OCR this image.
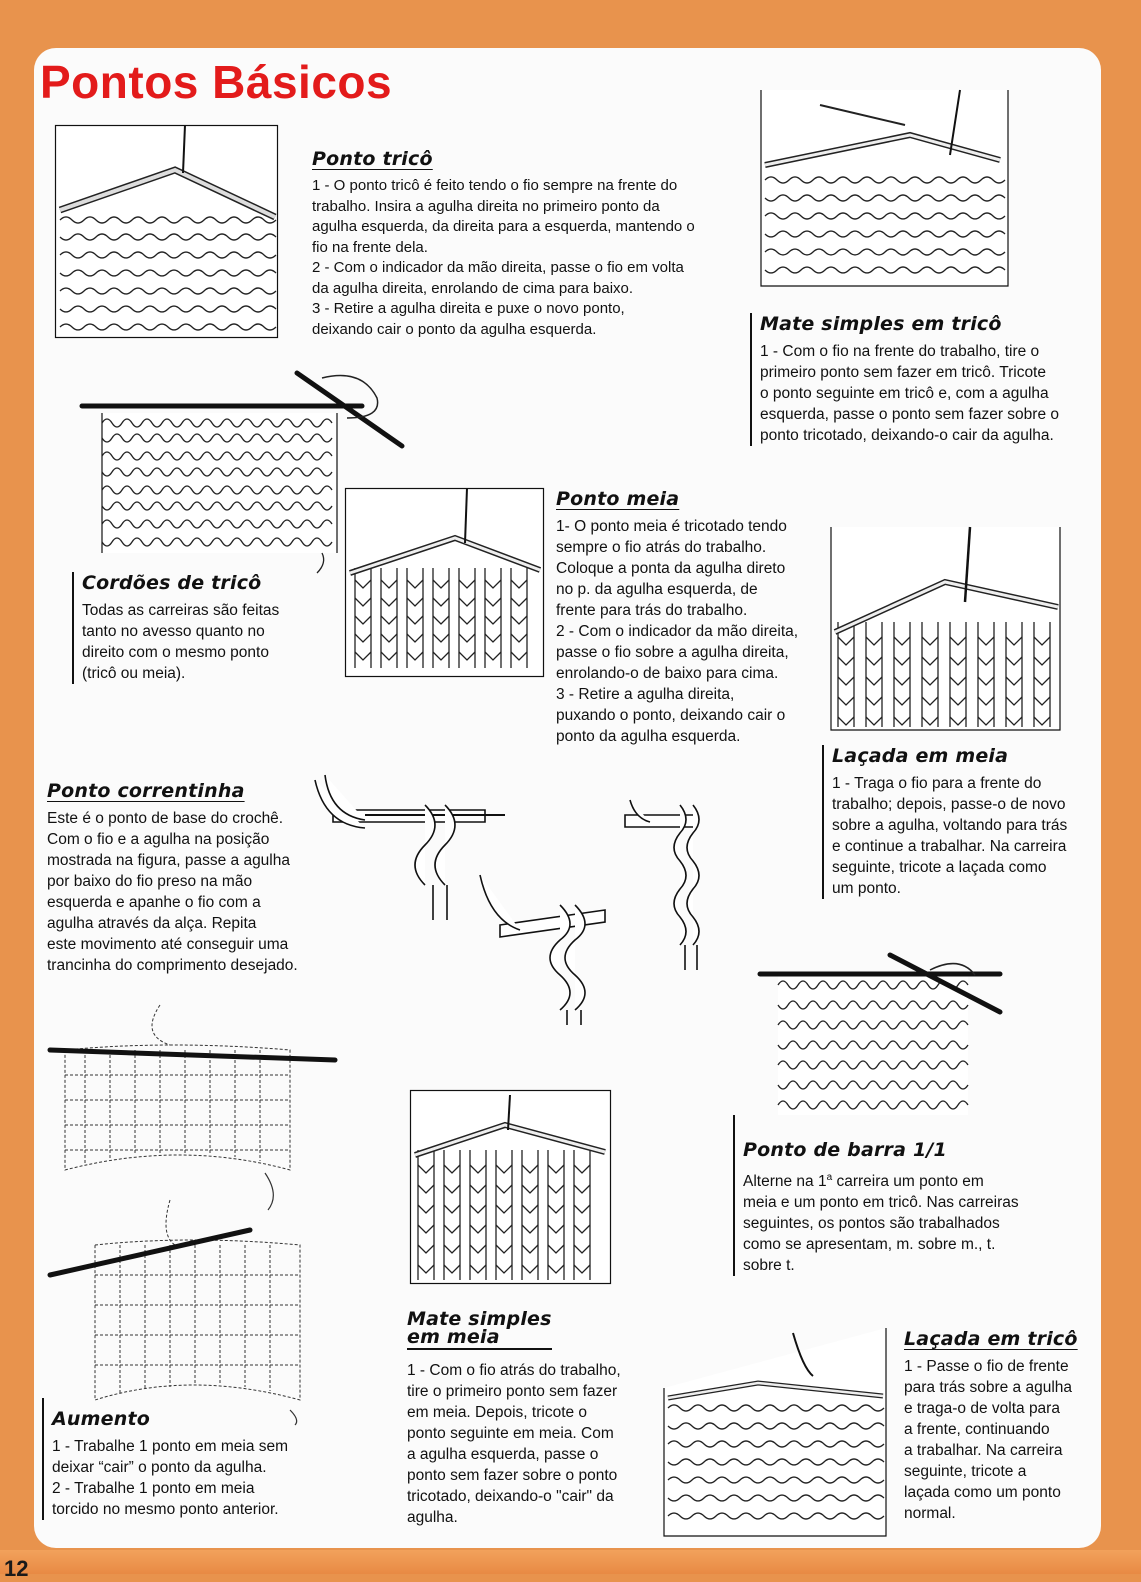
12
Pontos Básicos
Ponto tricô

1 - O ponto tricô é feito tendo o fio sempre na frente do
trabalho. Insira a agulha direita no primeiro ponto da
agulha esquerda, da direita para a esquerda, mantendo o
fio na frente dela.
2 - Com o indicador da mão direita, passe o fio em volta
da agulha direita, enrolando de cima para baixo.
3 - Retire a agulha direita e puxe o novo ponto,
deixando cair o ponto da agulha esquerda.	Mate simples em tricô

1 - Com o fio na frente do trabalho, tire o
primeiro ponto sem fazer em tricô. Tricote
o ponto seguinte em tricô e, com a agulha
esquerda, passe o ponto sem fazer sobre o
ponto tricotado, deixando-o cair da agulha.

Cordões de tricô

Todas as carreiras são feitas
tanto no avesso quanto no
direito com o mesmo ponto
(tricô ou meia).

Ponto meia

1- O ponto meia é tricotado tendo
sempre o fio atrás do trabalho.
Coloque a ponta da agulha direto
no p. da agulha esquerda, de
frente para trás do trabalho.
2 - Com o indicador da mão direita,
passe o fio sobre a agulha direita,
enrolando-o de baixo para cima.
3 - Retire a agulha direita,
puxando o ponto, deixando cair o
ponto da agulha esquerda.

Laçada em meia

1 - Traga o fio para a frente do
trabalho; depois, passe-o de novo
sobre a agulha, voltando para trás
e continue a trabalhar. Na carreira
seguinte, tricote a laçada como
um ponto.

Ponto correntinha

Este é o ponto de base do crochê.
Com o fio e a agulha na posição
mostrada na figura, passe a agulha
por baixo do fio preso na mão
esquerda e apanhe o fio com a
agulha através da alça. Repita
este movimento até conseguir uma
trancinha do comprimento desejado.

Ponto de barra 1/1

Alterne na 1$^a$ carreira um ponto em
meia e um ponto em tricô. Nas carreiras
seguintes, os pontos são trabalhados
como se apresentam, m. sobre m., t.
sobre t.

Mate simples
em meia

1 - Com o fio atrás do trabalho,
tire o primeiro ponto sem fazer
em meia. Depois, tricote o
ponto seguinte em meia. Com
a agulha esquerda, passe o
ponto sem fazer sobre o ponto
tricotado, deixando-o "cair" da
agulha.

Aumento

1 - Trabalhe 1 ponto em meia sem
deixar “cair” o ponto da agulha.
2 - Trabalhe 1 ponto em meia
torcido no mesmo ponto anterior.

Laçada em tricô

1 - Passe o fio de frente
para trás sobre a agulha
e traga-o de volta para
a frente, continuando
a trabalhar. Na carreira
seguinte, tricote a
laçada como um ponto
normal.
